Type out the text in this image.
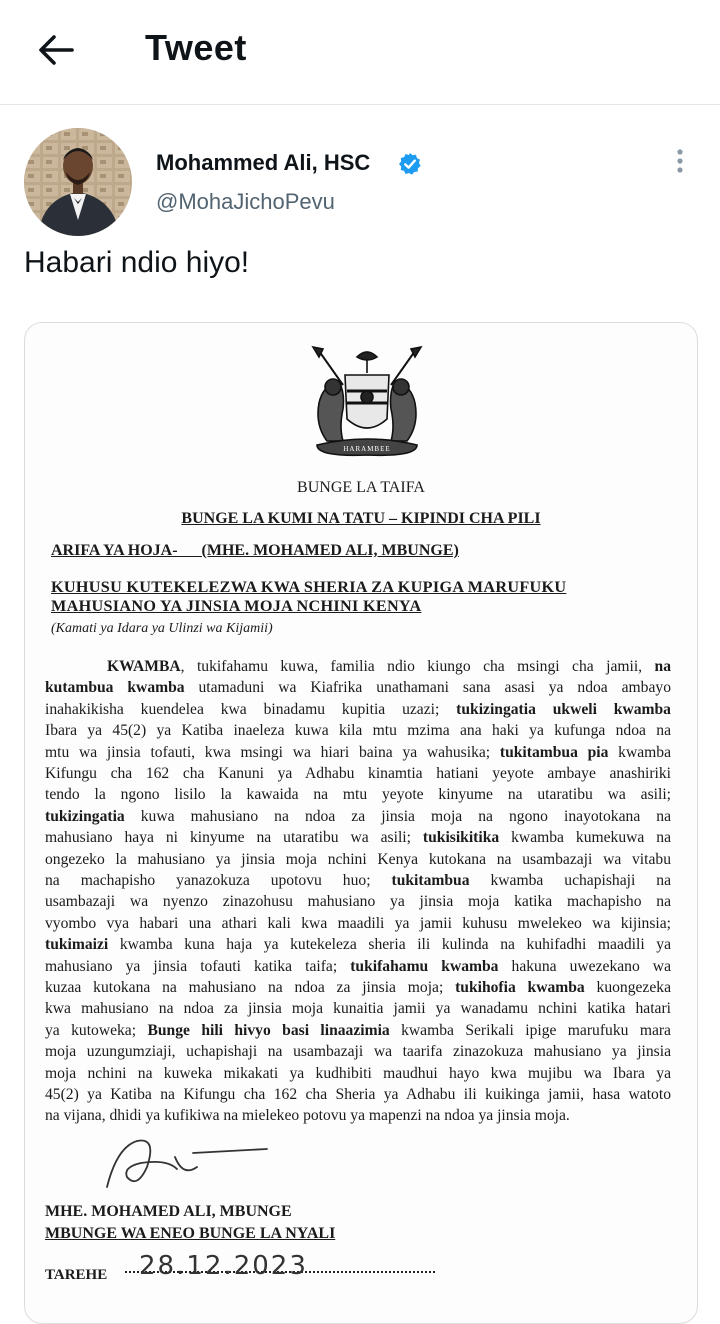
Tweet
Mohammed Ali, HSC
@MohaJichoPevu
Habari ndio hiyo!
HARAMBEE
BUNGE LA TAIFA
BUNGE LA KUMI NA TATU – KIPINDI CHA PILI
ARIFA YA HOJA-      (MHE. MOHAMED ALI, MBUNGE)
KUHUSU KUTEKELEZWA KWA SHERIA ZA KUPIGA MARUFUKU
MAHUSIANO YA JINSIA MOJA NCHINI KENYA
(Kamati ya Idara ya Ulinzi wa Kijamii)
KWAMBA, tukifahamu kuwa, familia ndio kiungo cha msingi cha jamii, na
kutambua kwamba utamaduni wa Kiafrika unathamani sana asasi ya ndoa ambayo
inahakikisha kuendelea kwa binadamu kupitia uzazi; tukizingatia ukweli kwamba
Ibara ya 45(2) ya Katiba inaeleza kuwa kila mtu mzima ana haki ya kufunga ndoa na
mtu wa jinsia tofauti, kwa msingi wa hiari baina ya wahusika; tukitambua pia kwamba
Kifungu cha 162 cha Kanuni ya Adhabu kinamtia hatiani yeyote ambaye anashiriki
tendo la ngono lisilo la kawaida na mtu yeyote kinyume na utaratibu wa asili;
tukizingatia kuwa mahusiano na ndoa za jinsia moja na ngono inayotokana na
mahusiano haya ni kinyume na utaratibu wa asili; tukisikitika kwamba kumekuwa na
ongezeko la mahusiano ya jinsia moja nchini Kenya kutokana na usambazaji wa vitabu
na machapisho yanazokuza upotovu huo; tukitambua kwamba uchapishaji na
usambazaji wa nyenzo zinazohusu mahusiano ya jinsia moja katika machapisho na
vyombo vya habari una athari kali kwa maadili ya jamii kuhusu mwelekeo wa kijinsia;
tukimaizi kwamba kuna haja ya kutekeleza sheria ili kulinda na kuhifadhi maadili ya
mahusiano ya jinsia tofauti katika taifa; tukifahamu kwamba hakuna uwezekano wa
kuzaa kutokana na mahusiano na ndoa za jinsia moja; tukihofia kwamba kuongezeka
kwa mahusiano na ndoa za jinsia moja kunaitia jamii ya wanadamu nchini katika hatari
ya kutoweka; Bunge hili hivyo basi linaazimia kwamba Serikali ipige marufuku mara
moja uzungumziaji, uchapishaji na usambazaji wa taarifa zinazokuza mahusiano ya jinsia
moja nchini na kuweka mikakati ya kudhibiti maudhui hayo kwa mujibu wa Ibara ya
45(2) ya Katiba na Kifungu cha 162 cha Sheria ya Adhabu ili kuikinga jamii, hasa watoto
na vijana, dhidi ya kufikiwa na mielekeo potovu ya mapenzi na ndoa ya jinsia moja.
MHE. MOHAMED ALI, MBUNGE
MBUNGE WA ENEO BUNGE LA NYALI
TAREHE 28.12.2023
